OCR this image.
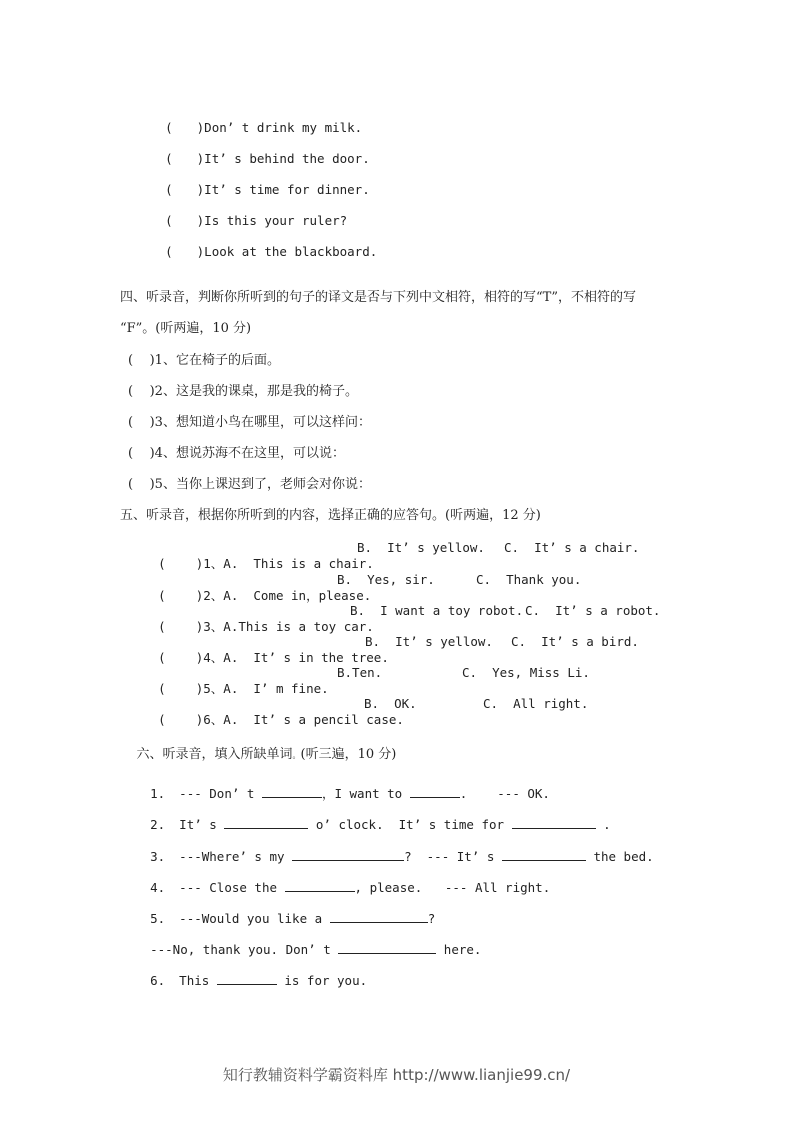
( )Don’ t drink my milk.

( )It’ s behind the door.

( )It’ s time for dinner.

( )Is this your ruler?

( )Look at the blackboard.

四、听录音，判断你所听到的句子的译文是否与下列中文相符，相符的写“T”，不相符的写
“F”。(听两遍，10 分)
(    )1、它在椅子的后面。
(    )2、这是我的课桌，那是我的椅子。
(    )3、想知道小鸟在哪里，可以这样问：
(    )4、想说苏海不在这里，可以说：
(    )5、当你上课迟到了，老师会对你说：
五、听录音，根据你所听到的内容，选择正确的应答句。(听两遍，12 分)

(    )1、A.  This is a chair.

B.  It’ s yellow. C.  It’ s a chair.

(    )2、A.  Come in，please.

B.  Yes, sir.	C.  Thank you.

(    )3、A.This is a toy car.

B.  I want a toy robot. C.  It’ s a robot.

(    )4、A.  It’ s in the tree.

B.  It’ s yellow. C.  It’ s a bird.

(    )5、A.  I’ m fine.

B.Ten.	C.  Yes, Miss Li.

(    )6、A.  It’ s a pencil case.

B.  OK.	C.  All right.

六、听录音，填入所缺单词。(听三遍，10 分)

1. --- Don’ t	，I want to	. --- OK.

2. It’ s	o’ clock.  It’ s time for	.

3. ---Where’ s my	?  --- It’ s	the bed.

4. --- Close the	, please.   --- All right.

5. ---Would you like a	?

---No, thank you. Don’ t	here.

6. This	is for you.

知行教辅资料学霸资料库 http://www.lianjie99.cn/
